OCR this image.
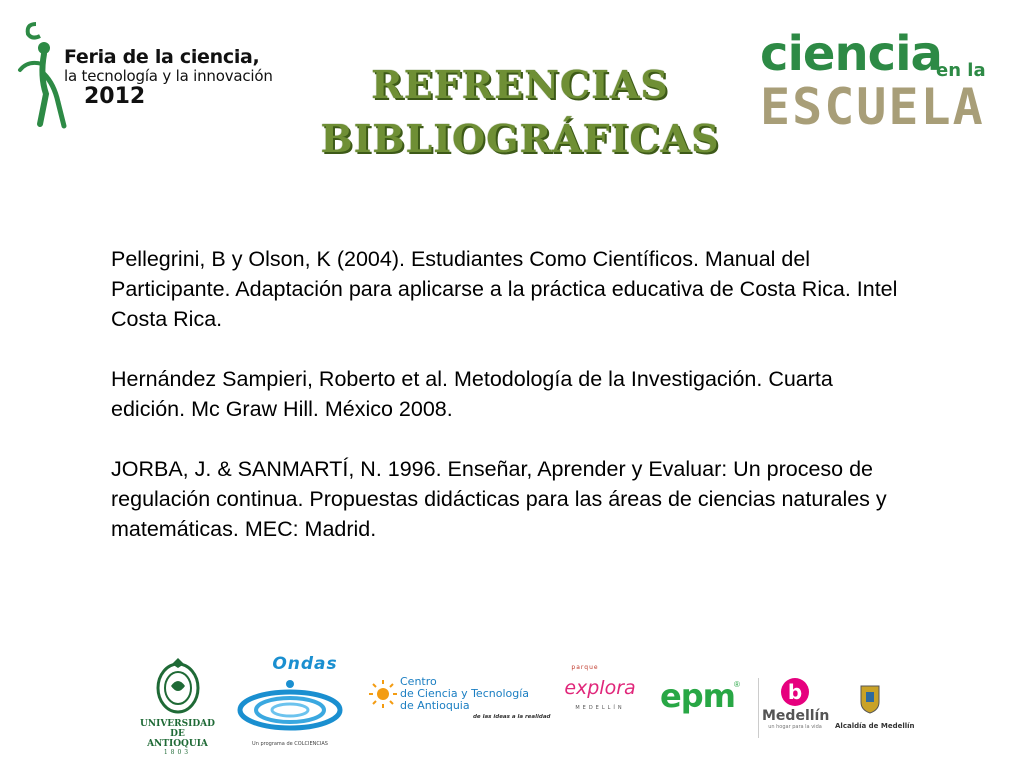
Feria de la ciencia,
la tecnología y la innovación
2012	REFRENCIAS
BIBLIOGRÁFICAS
ciencia
en la
ESCUELA

Pellegrini, B y Olson, K (2004). Estudiantes Como Científicos. Manual del Participante. Adaptación para aplicarse a la práctica educativa de Costa Rica. Intel Costa Rica.

Hernández Sampieri, Roberto et al. Metodología de la Investigación. Cuarta edición. Mc Graw Hill. México 2008.

JORBA, J. & SANMARTÍ, N. 1996. Enseñar, Aprender y Evaluar: Un proceso de regulación continua. Propuestas didácticas para las áreas de ciencias naturales y matemáticas. MEC: Madrid.

UNIVERSIDAD
DE ANTIOQUIA
1803
Ondas
Un programa de COLCIENCIAS
Centro
de Ciencia y Tecnología
de Antioquia
de las ideas a la realidad
parque
explora
MEDELLÍN	epm ®	b
Medellín
un hogar para la vida	Alcaldía de Medellín
